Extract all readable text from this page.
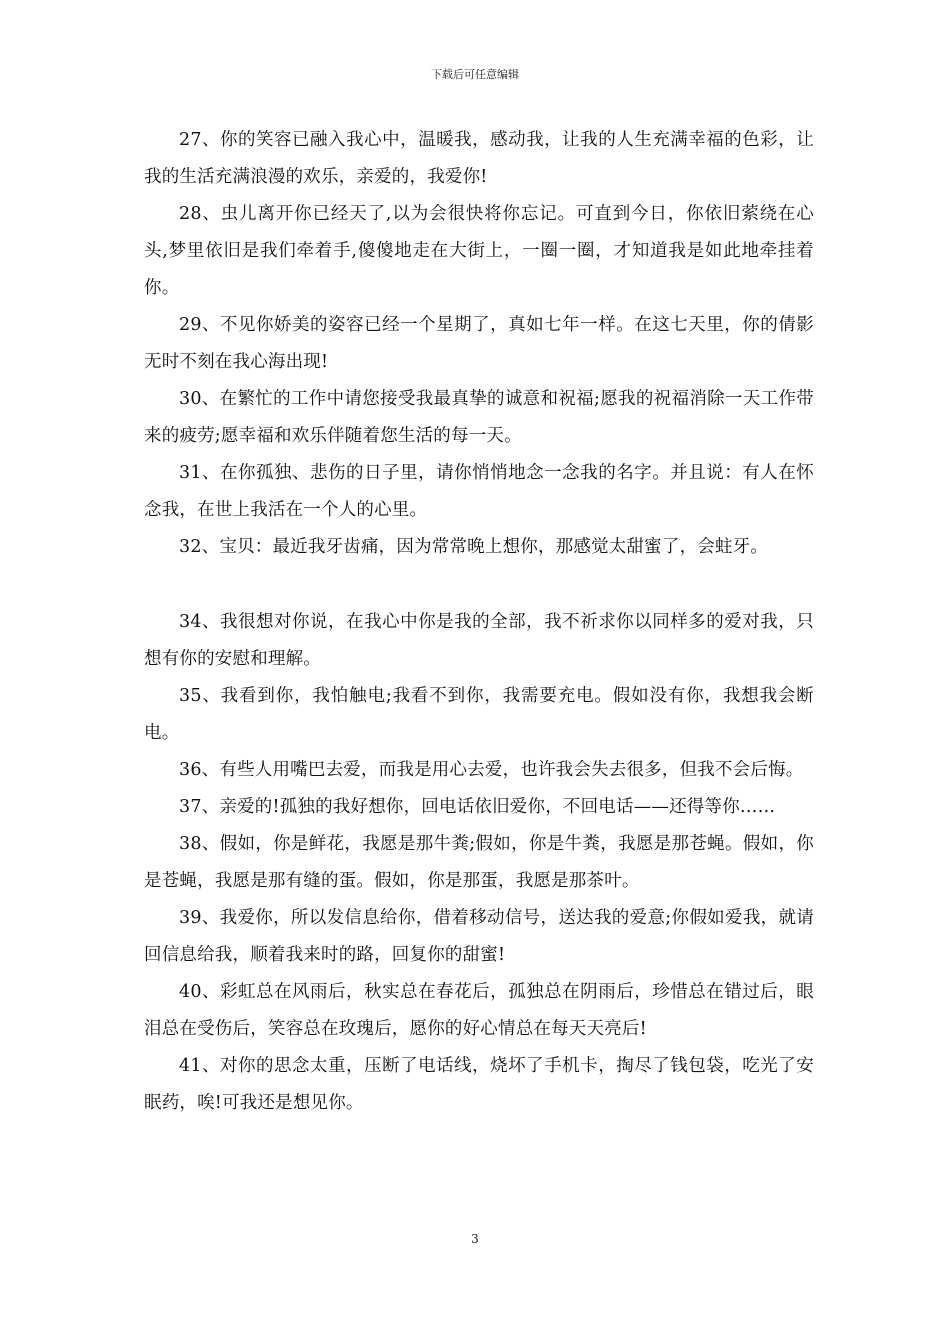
下载后可任意编辑

27、你的笑容已融入我心中，温暖我，感动我，让我的人生充满幸福的色彩，让我的生活充满浪漫的欢乐，亲爱的，我爱你!

28、虫儿离开你已经天了,以为会很快将你忘记。可直到今日，你依旧萦绕在心头,梦里依旧是我们牵着手,傻傻地走在大街上，一圈一圈，才知道我是如此地牵挂着你。

29、不见你娇美的姿容已经一个星期了，真如七年一样。在这七天里，你的倩影无时不刻在我心海出现!

30、在繁忙的工作中请您接受我最真挚的诚意和祝福;愿我的祝福消除一天工作带来的疲劳;愿幸福和欢乐伴随着您生活的每一天。

31、在你孤独、悲伤的日子里，请你悄悄地念一念我的名字。并且说：有人在怀念我，在世上我活在一个人的心里。

32、宝贝：最近我牙齿痛，因为常常晚上想你，那感觉太甜蜜了，会蛀牙。

34、我很想对你说，在我心中你是我的全部，我不祈求你以同样多的爱对我，只想有你的安慰和理解。

35、我看到你，我怕触电;我看不到你，我需要充电。假如没有你，我想我会断电。

36、有些人用嘴巴去爱，而我是用心去爱，也许我会失去很多，但我不会后悔。

37、亲爱的!孤独的我好想你，回电话依旧爱你，不回电话——还得等你……

38、假如，你是鲜花，我愿是那牛粪;假如，你是牛粪，我愿是那苍蝇。假如，你是苍蝇，我愿是那有缝的蛋。假如，你是那蛋，我愿是那茶叶。

39、我爱你，所以发信息给你，借着移动信号，送达我的爱意;你假如爱我，就请回信息给我，顺着我来时的路，回复你的甜蜜!

40、彩虹总在风雨后，秋实总在春花后，孤独总在阴雨后，珍惜总在错过后，眼泪总在受伤后，笑容总在玫瑰后，愿你的好心情总在每天天亮后!

41、对你的思念太重，压断了电话线，烧坏了手机卡，掏尽了钱包袋，吃光了安眠药，唉!可我还是想见你。

3
